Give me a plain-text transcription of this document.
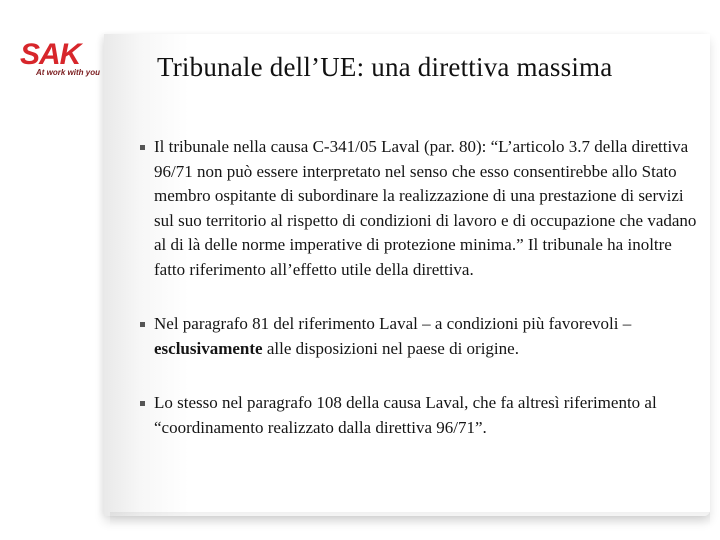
SAK
At work with you Tribunale dell’UE: una direttiva massima
Il tribunale nella causa C-341/05 Laval (par. 80): “L’articolo 3.7 della direttiva 96/71 non può essere interpretato nel senso che esso consentirebbe allo Stato membro ospitante di subordinare la realizzazione di una prestazione di servizi sul suo territorio al rispetto di condizioni di lavoro e di occupazione che vadano al di là delle norme imperative di protezione minima.” Il tribunale ha inoltre fatto riferimento all’effetto utile della direttiva.
Nel paragrafo 81 del riferimento Laval – a condizioni più favorevoli – esclusivamente alle disposizioni nel paese di origine.
Lo stesso nel paragrafo 108 della causa Laval, che fa altresì riferimento al “coordinamento realizzato dalla direttiva 96/71”.
